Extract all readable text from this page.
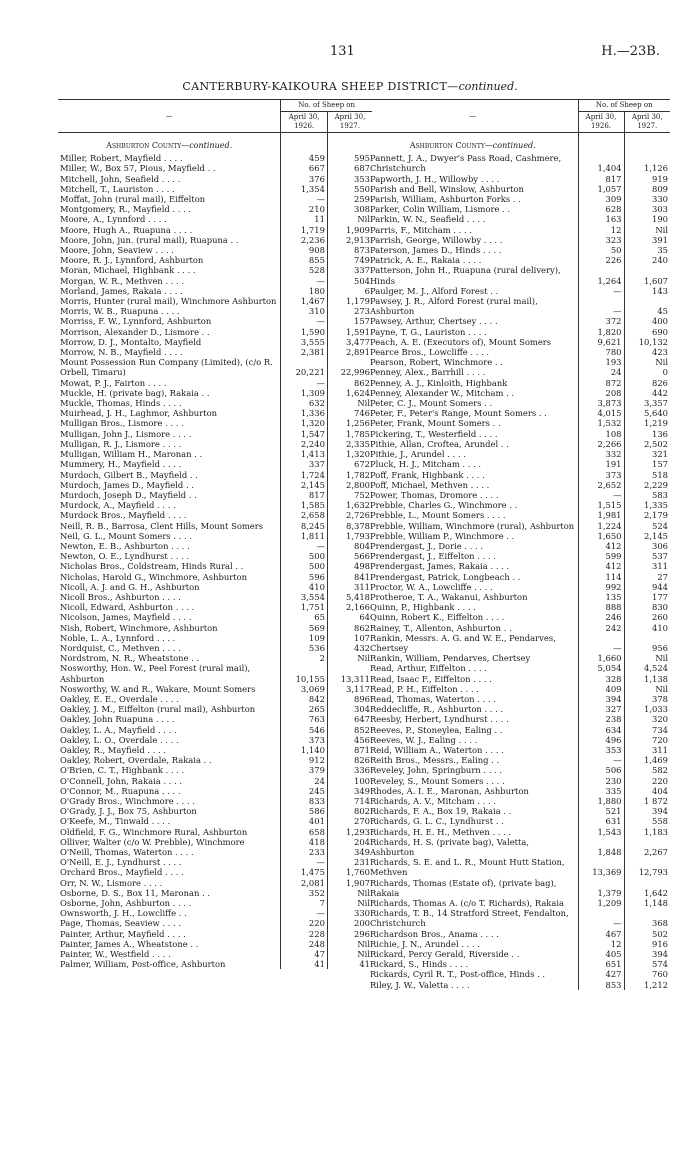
131	H.—23B.
CANTERBURY-KAIKOURA SHEEP DISTRICT—continued.
—	No. of Sheep on	
	April 30, 1926.	April 30, 1927.
Ashburton County—continued.		
Miller, Robert, Mayfield . . . .	459	595
Miller, W., Box 57, Pious, Mayfield . .	667	687
Mitchell, John, Seafield . . . .	376	353
Mitchell, T., Lauriston . . . .	1,354	550
Moffat, John (rural mail), Eiffelton	—	259
Montgomery, R., Mayfield . . . .	210	308
Moore, A., Lynnford . . . .	11	Nil
Moore, Hugh A., Ruapuna . . . .	1,719	1,909
Moore, John, jun. (rural mail), Ruapuna . .	2,236	2,913
Moore, John, Seaview . . . .	908	873
Moore, R. J., Lynnford, Ashburton	855	749
Moran, Michael, Highbank . . . .	528	337
Morgan, W. R., Methven . . . .	—	504
Morland, James, Rakaia . . . .	180	6
Morris, Hunter (rural mail), Winchmore Ashburton	1,467	1,179
Morris, W. B., Ruapuna . . . .	310	273
Morriss, F. W., Lynnford, Ashburton	—	157
Morrison, Alexander D., Lismore . .	1,590	1,591
Morrow, D. J., Montalto, Mayfield	3,555	3,477
Morrow, N. B., Mayfield . . . .	2,381	2,891
Mount Possession Run Company (Limited), (c/o R. Orbell, Timaru)	20,221	22,996
Mowat, P. J., Fairton . . . .	—	862
Muckle, H. (private bag), Rakaia . .	1,309	1,624
Muckle, Thomas, Hinds . . . .	632	Nil
Muirhead, J. H., Laghmor, Ashburton	1,336	746
Mulligan Bros., Lismore . . . .	1,320	1,256
Mulligan, John J., Lismore . . . .	1,547	1,785
Mulligan, R. J., Lismore . . . .	2,240	2,335
Mulligan, William H., Maronan . .	1,413	1,320
Mummery, H., Mayfield . . . .	337	672
Murdoch, Gilbert B., Mayfield . .	1,724	1,782
Murdoch, James D., Mayfield . .	2,145	2,800
Murdoch, Joseph D., Mayfield . .	817	752
Murdock, A., Mayfield . . . .	1,585	1,632
Murdock Bros., Mayfield . . . .	2,658	2,726
Neill, R. B., Barrosa, Clent Hills, Mount Somers	8,245	8,378
Neil, G. L., Mount Somers . . . .	1,811	1,793
Newton, E. B., Ashburton . . . .	—	804
Newton, O. E., Lyndhurst . . . .	500	566
Nicholas Bros., Coldstream, Hinds Rural . .	500	498
Nicholas, Harold G., Winchmore, Ashburton	596	841
Nicoll, A. J. and G. H., Ashburton	410	311
Nicoll Bros., Ashburton . . . .	3,554	5,418
Nicoll, Edward, Ashburton . . . .	1,751	2,166
Nicolson, James, Mayfield . . . .	65	64
Nish, Robert, Winchmore, Ashburton	569	862
Noble, L. A., Lynnford . . . .	109	107
Nordquist, C., Methven . . . .	536	432
Nordstrom, N. R., Wheatstone . .	2	Nil
Nosworthy, Hon. W., Peel Forest (rural mail), Ashburton	10,155	13,311
Nosworthy, W. and R., Wakare, Mount Somers	3,069	3,117
Oakley, E. E., Overdale . . . .	842	896
Oakley, J. M., Eiffelton (rural mail), Ashburton	265	304
Oakley, John Ruapuna . . . .	763	647
Oakley, L. A., Mayfield . . . .	546	852
Oakley, L. O., Overdale . . . .	373	456
Oakley, R., Mayfield . . . .	1,140	871
Oakley, Robert, Overdale, Rakaia . .	912	826
O'Brien, C. T., Highbank . . . .	379	336
O'Connell, John, Rakaia . . . .	24	100
O'Connor, M., Ruapuna . . . .	245	349
O'Grady Bros., Winchmore . . . .	833	714
O'Grady, J. J., Box 75, Ashburton	586	802
O'Keefe, M., Tinwald . . . .	401	270
Oldfield, F. G., Winchmore Rural, Ashburton	658	1,293
Olliver, Walter (c/o W. Prebble), Winchmore	418	204
O'Neill, Thomas, Waterton . . . .	233	349
O'Neill, E. J., Lyndhurst . . . .	—	231
Orchard Bros., Mayfield . . . .	1,475	1,760
Orr, N. W., Lismore . . . .	2,081	1,907
Osborne, D. S., Box 11, Maronan . .	352	Nil
Osborne, John, Ashburton . . . .	7	Nil
Ownsworth, J. H., Lowcliffe . .	—	330
Page, Thomas, Seaview . . . .	220	200
Painter, Arthur, Mayfield . . . .	228	296
Painter, James A., Wheatstone . .	248	Nil
Painter, W., Westfield . . . .	47	Nil
Palmer, William, Post-office, Ashburton	41	41
—	No. of Sheep on	
	April 30, 1926.	April 30, 1927.
Ashburton County—continued.		
Pannett, J. A., Dwyer's Pass Road, Cashmere, Christchurch	1,404	1,126
Papworth, J. H., Willowby . . . .	817	919
Parish and Bell, Winslow, Ashburton	1,057	809
Parish, William, Ashburton Forks . .	309	330
Parker, Colin William, Lismore . .	628	303
Parkin, W. N., Seafield . . . .	163	190
Parris, F., Mitcham . . . .	12	Nil
Parrish, George, Willowby . . . .	323	391
Paterson, James D., Hinds . . . .	50	35
Patrick, A. E., Rakaia . . . .	226	240
Patterson, John H., Ruapuna (rural delivery), Hinds	1,264	1,607
Paulger, M. J., Alford Forest . .	—	143
Pawsey, J. R., Alford Forest (rural mail), Ashburton	—	45
Pawsey, Arthur, Chertsey . . . .	372	400
Payne, T. G., Lauriston . . . .	1,820	690
Peach, A. E. (Executors of), Mount Somers	9,621	10,132
Pearce Bros., Lowcliffe . . . .	780	423
Pearson, Robert, Winchmore . .	193	Nil
Penney, Alex., Barrhill . . . .	24	0
Penney, A. J., Kinloith, Highbank	872	826
Penney, Alexander W., Mitcham . .	208	442
Peter, C. J., Mount Somers . .	3,873	3,357
Peter, F., Peter's Range, Mount Somers . .	4,015	5,640
Peter, Frank, Mount Somers . .	1,532	1,219
Pickering, T., Westerfield . . . .	108	136
Pithie, Allan, Croftea, Arundel . .	2,266	2,502
Pithie, J., Arundel . . . .	332	321
Pluck, H. J., Mitcham . . . .	191	157
Poff, Frank, Highbank . . . .	373	518
Poff, Michael, Methven . . . .	2,652	2,229
Power, Thomas, Dromore . . . .	—	583
Prebble, Charles G., Winchmore . .	1,515	1,335
Prebble, L., Mount Somers . . . .	1,981	2,179
Prebble, William, Winchmore (rural), Ashburton	1,224	524
Prebble, William P., Winchmore . .	1,650	2,145
Prendergast, J., Dorie . . . .	412	306
Prendergast, J., Eiffelton . . . .	599	537
Prendergast, James, Rakaia . . . .	412	311
Prendergast, Patrick, Longbeach . .	114	27
Proctor, W. A., Lowcliffe . . . .	992	944
Protheroe, T. A., Wakanui, Ashburton	135	177
Quinn, P., Highbank . . . .	888	830
Quinn, Robert K., Eiffelton . . . .	246	260
Rainey, T., Allenton, Ashburton . .	242	410
Rankin, Messrs. A. G. and W. E., Pendarves, Chertsey	—	956
Rankin, William, Pendarves, Chertsey	1,660	Nil
Read, Arthur, Eiffelton . . . .	5,054	4,524
Read, Isaac F., Eiffelton . . . .	328	1,138
Read, P. H., Eiffelton . . . .	409	Nil
Read, Thomas, Waterton . . . .	394	378
Reddecliffe, R., Ashburton . . . .	327	1,033
Reesby, Herbert, Lyndhurst . . . .	238	320
Reeves, P., Stoneylea, Ealing . .	634	734
Reeves, W. J., Ealing . . . .	496	720
Reid, William A., Waterton . . . .	353	311
Reith Bros., Messrs., Ealing . .	—	1,469
Reveley, John, Springburn . . . .	506	582
Reveley, S., Mount Somers . . . .	230	220
Rhodes, A. I. E., Maronan, Ashburton	335	404
Richards, A. V., Mitcham . . . .	1,880	1 872
Richards, F. A., Box 19, Rakaia . .	521	394
Richards, G. L. C., Lyndhurst . .	631	558
Richards, H. E. H., Methven . . . .	1,543	1,183
Richards, H. S. (private bag), Valetta, Ashburton	1,848	2,267
Richards, S. E. and L. R., Mount Hutt Station, Methven	13,369	12,793
Richards, Thomas (Estate of), (private bag), Rakaia	1,379	1,642
Richards, Thomas A. (c/o T. Richards), Rakaia	1,209	1,148
Richards, T. B., 14 Stratford Street, Fendalton, Christchurch	—	368
Richardson Bros., Anama . . . .	467	502
Richie, J. N., Arundel . . . .	12	916
Rickard, Percy Gerald, Riverside . .	405	394
Rickard, S., Hinds . . . .	651	574
Rickards, Cyril R. T., Post-office, Hinds . .	427	760
Riley, J. W., Valetta . . . .	853	1,212
